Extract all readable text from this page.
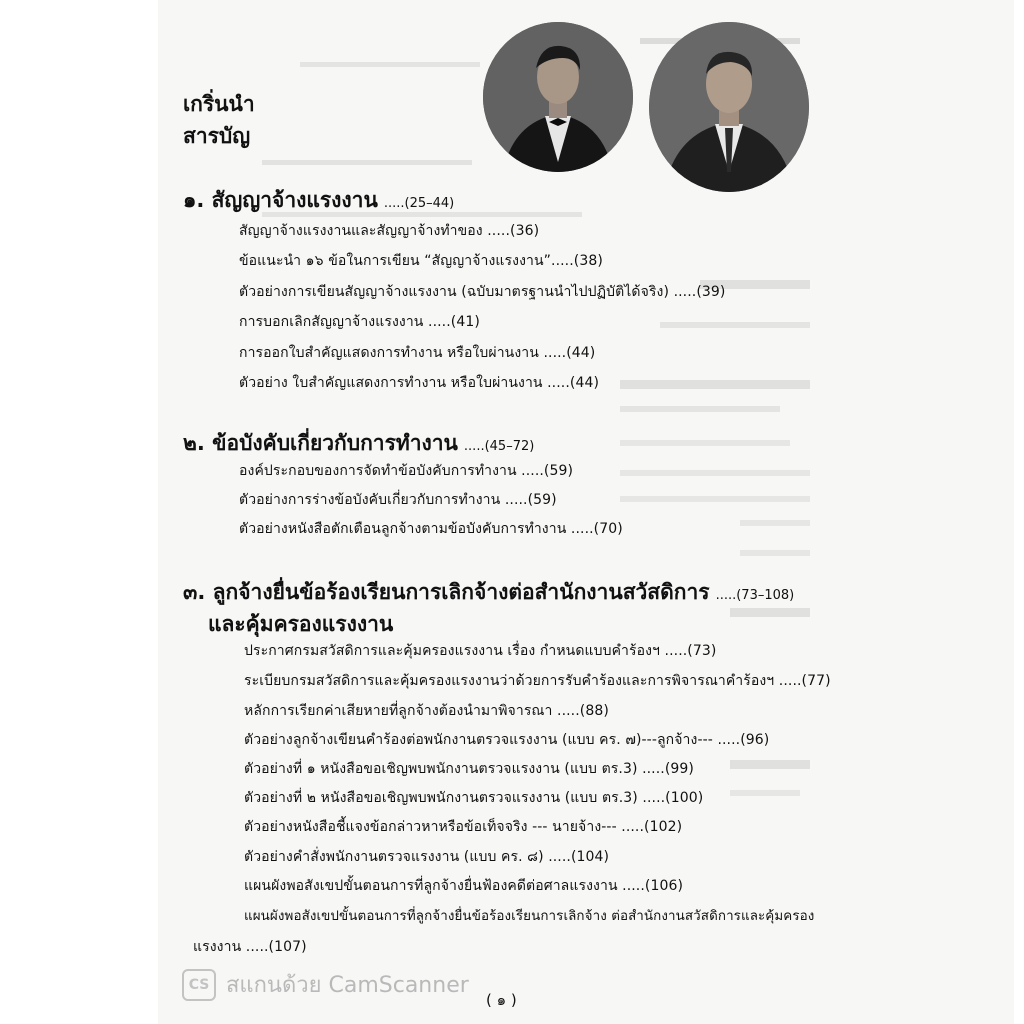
เกริ่นนำ
สารบัญ
๑. สัญญาจ้างแรงงาน .....(25–44)
สัญญาจ้างแรงงานและสัญญาจ้างทำของ .....(36)
ข้อแนะนำ ๑๖ ข้อในการเขียน “สัญญาจ้างแรงงาน”.....(38)
ตัวอย่างการเขียนสัญญาจ้างแรงงาน (ฉบับมาตรฐานนำไปปฏิบัติได้จริง) .....(39)
การบอกเลิกสัญญาจ้างแรงงาน .....(41)
การออกใบสำคัญแสดงการทำงาน หรือใบผ่านงาน .....(44)
ตัวอย่าง ใบสำคัญแสดงการทำงาน หรือใบผ่านงาน .....(44)
๒. ข้อบังคับเกี่ยวกับการทำงาน .....(45–72)
องค์ประกอบของการจัดทำข้อบังคับการทำงาน .....(59)
ตัวอย่างการร่างข้อบังคับเกี่ยวกับการทำงาน .....(59)
ตัวอย่างหนังสือตักเตือนลูกจ้างตามข้อบังคับการทำงาน .....(70)
๓. ลูกจ้างยื่นข้อร้องเรียนการเลิกจ้างต่อสำนักงานสวัสดิการ .....(73–108)
และคุ้มครองแรงงาน
ประกาศกรมสวัสดิการและคุ้มครองแรงงาน เรื่อง กำหนดแบบคำร้องฯ .....(73)
ระเบียบกรมสวัสดิการและคุ้มครองแรงงานว่าด้วยการรับคำร้องและการพิจารณาคำร้องฯ .....(77)
หลักการเรียกค่าเสียหายที่ลูกจ้างต้องนำมาพิจารณา .....(88)
ตัวอย่างลูกจ้างเขียนคำร้องต่อพนักงานตรวจแรงงาน (แบบ คร. ๗)---ลูกจ้าง--- .....(96)
ตัวอย่างที่ ๑ หนังสือขอเชิญพบพนักงานตรวจแรงงาน (แบบ ตร.3) .....(99)
ตัวอย่างที่ ๒ หนังสือขอเชิญพบพนักงานตรวจแรงงาน (แบบ ตร.3) .....(100)
ตัวอย่างหนังสือชี้แจงข้อกล่าวหาหรือข้อเท็จจริง --- นายจ้าง--- .....(102)
ตัวอย่างคำสั่งพนักงานตรวจแรงงาน (แบบ คร. ๘) .....(104)
แผนผังพอสังเขปขั้นตอนการที่ลูกจ้างยื่นฟ้องคดีต่อศาลแรงงาน .....(106)
แผนผังพอสังเขปขั้นตอนการที่ลูกจ้างยื่นข้อร้องเรียนการเลิกจ้าง ต่อสำนักงานสวัสดิการและคุ้มครอง
แรงงาน .....(107)
CS สแกนด้วย CamScanner
( ๑ )
